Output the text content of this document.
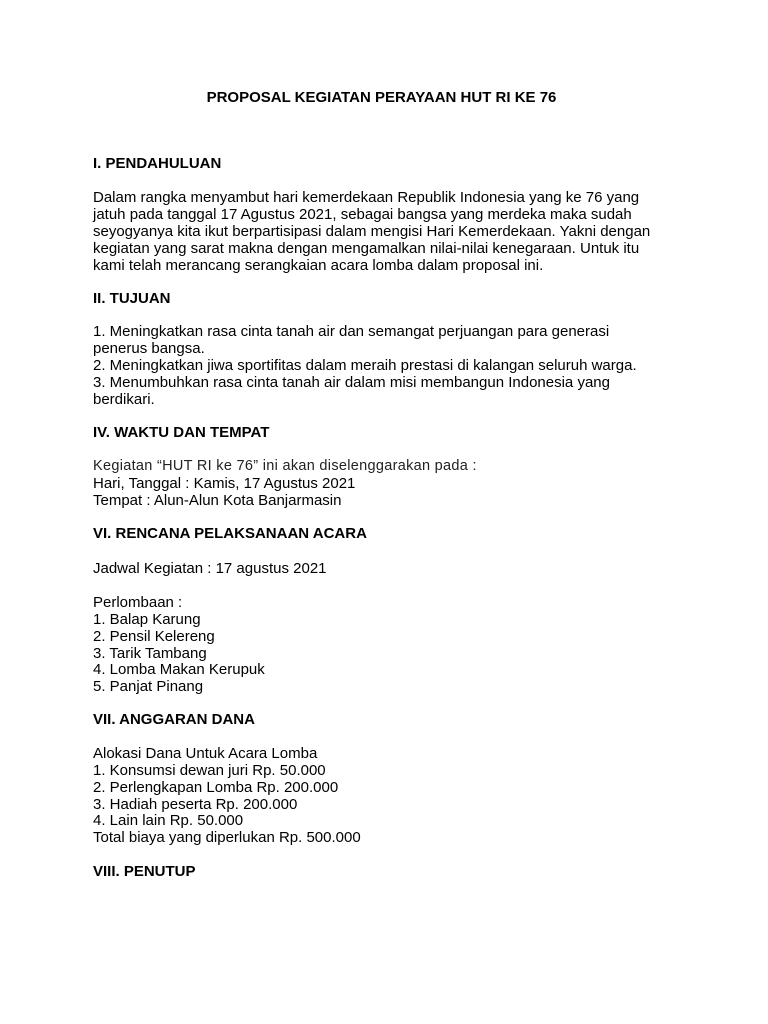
PROPOSAL KEGIATAN PERAYAAN HUT RI KE 76
I. PENDAHULUAN
Dalam rangka menyambut hari kemerdekaan Republik Indonesia yang ke 76 yang
jatuh pada tanggal 17 Agustus 2021, sebagai bangsa yang merdeka maka sudah
seyogyanya kita ikut berpartisipasi dalam mengisi Hari Kemerdekaan. Yakni dengan
kegiatan yang sarat makna dengan mengamalkan nilai-nilai kenegaraan. Untuk itu
kami telah merancang serangkaian acara lomba dalam proposal ini.
II. TUJUAN
1. Meningkatkan rasa cinta tanah air dan semangat perjuangan para generasi
penerus bangsa.
2. Meningkatkan jiwa sportifitas dalam meraih prestasi di kalangan seluruh warga.
3. Menumbuhkan rasa cinta tanah air dalam misi membangun Indonesia yang
berdikari.
IV. WAKTU DAN TEMPAT
Kegiatan “HUT RI ke 76” ini akan diselenggarakan pada :
Hari, Tanggal : Kamis, 17 Agustus 2021
Tempat : Alun-Alun Kota Banjarmasin
VI. RENCANA PELAKSANAAN ACARA
Jadwal Kegiatan : 17 agustus 2021
Perlombaan :
1. Balap Karung
2. Pensil Kelereng
3. Tarik Tambang
4. Lomba Makan Kerupuk
5. Panjat Pinang
VII. ANGGARAN DANA
Alokasi Dana Untuk Acara Lomba
1. Konsumsi dewan juri Rp. 50.000
2. Perlengkapan Lomba Rp. 200.000
3. Hadiah peserta Rp. 200.000
4. Lain lain Rp. 50.000
Total biaya yang diperlukan Rp. 500.000
VIII. PENUTUP
